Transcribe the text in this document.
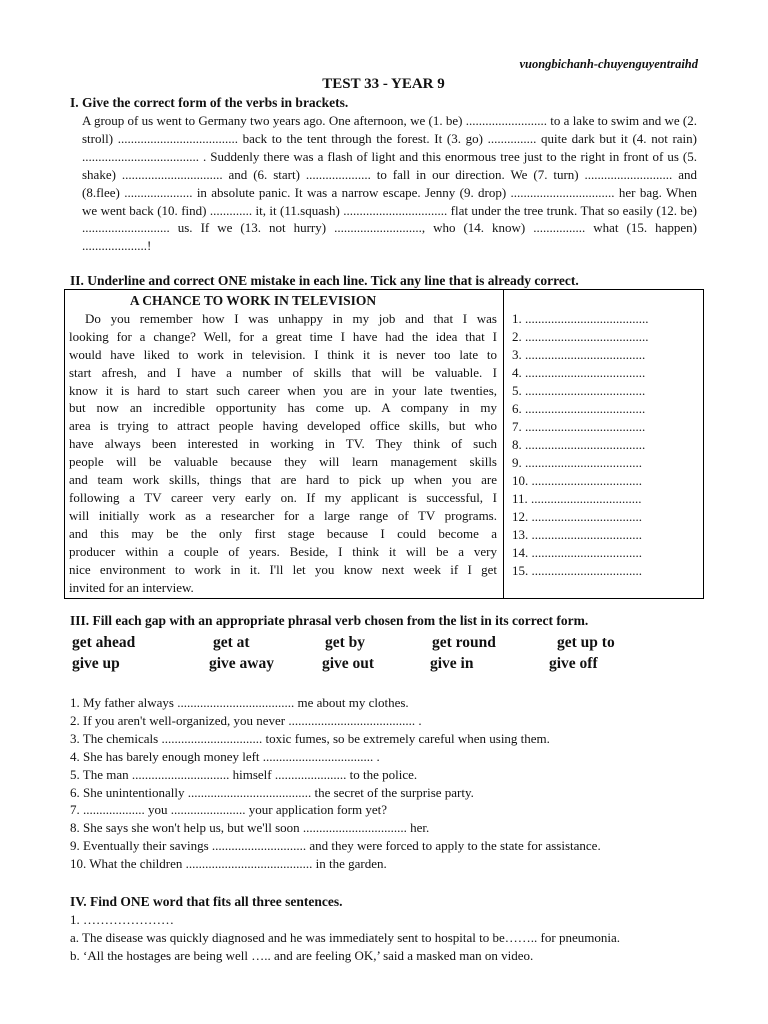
vuongbichanh-chuyenguyentraihd
TEST 33 - YEAR 9
I. Give the correct form of the verbs in brackets.

A group of us went to Germany two years ago. One afternoon, we (1. be) ......................... to a lake to swim and we (2. stroll) ..................................... back to the tent through the forest. It (3. go) ............... quite dark but it (4. not rain) .................................... . Suddenly there was a flash of light and this enormous tree just to the right in front of us (5. shake) ............................... and (6. start) .................... to fall in our direction. We (7. turn) ........................... and (8.flee) ..................... in absolute panic. It was a narrow escape. Jenny (9. drop) ................................ her bag. When we went back (10. find) ............. it, it (11.squash) ................................ flat under the tree trunk. That so easily (12. be) ........................... us. If we (13. not hurry) ..........................., who (14. know) ................ what (15. happen) ....................!

II. Underline and correct ONE mistake in each line. Tick any line that is already correct.
A CHANCE TO WORK IN TELEVISION
Do you remember how I was unhappy in my job and that I was
looking for a change? Well, for a great time I have had the idea that I
would have liked to work in television. I think it is never too late to
start afresh, and I have a number of skills that will be valuable. I
know it is hard to start such career when you are in your late twenties,
but now an incredible opportunity has come up. A company in my
area is trying to attract people having developed office skills, but who
have always been interested in working in TV. They think of such
people will be valuable because they will learn management skills
and team work skills, things that are hard to pick up when you are
following a TV career very early on. If my applicant is successful, I
will initially work as a researcher for a large range of TV programs.
and this may be the only first stage because I could become a
producer within a couple of years. Beside, I think it will be a very
nice environment to work in it. I'll let you know next week if I get
invited for an interview.

1. ......................................
2. ......................................
3. .....................................
4. .....................................
5. .....................................
6. .....................................
7. .....................................
8. .....................................
9. ....................................
10. ..................................
11. ..................................
12. ..................................
13. ..................................
14. ..................................
15. ..................................
III. Fill each gap with an appropriate phrasal verb chosen from the list in its correct form.
get ahead	get at	get by	get round	get up to
give up	give away	give out	give in	give off
1. My father always .................................... me about my clothes.
2. If you aren't well-organized, you never ....................................... .
3. The chemicals ............................... toxic fumes, so be extremely careful when using them.
4. She has barely enough money left .................................. .
5. The man .............................. himself ...................... to the police.
6. She unintentionally ...................................... the secret of the surprise party.
7. ................... you ....................... your application form yet?
8. She says she won't help us, but we'll soon ................................ her.
9. Eventually their savings ............................. and they were forced to apply to the state for assistance.
10. What the children ....................................... in the garden.
IV. Find ONE word that fits all three sentences.

1. …………………

a. The disease was quickly diagnosed and he was immediately sent to hospital to be…….. for pneumonia.

b. ‘All the hostages are being well ….. and are feeling OK,’ said a masked man on video.
